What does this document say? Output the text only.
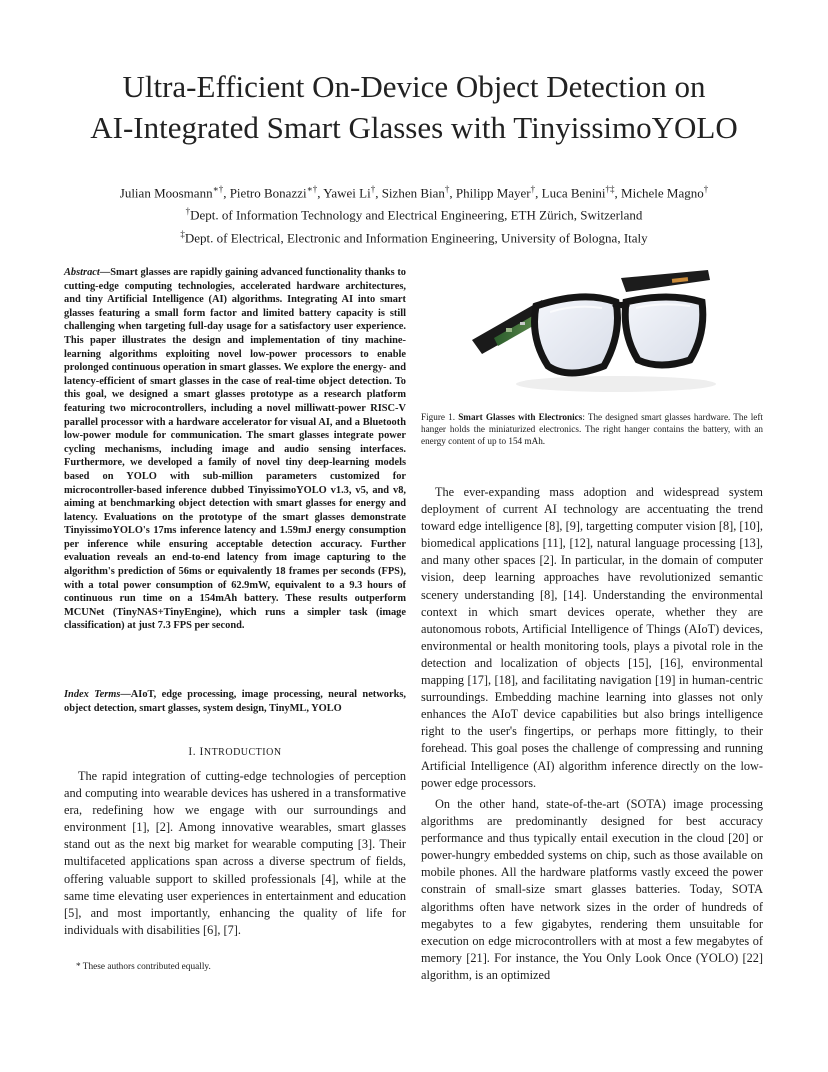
Ultra-Efficient On-Device Object Detection on
AI-Integrated Smart Glasses with TinyissimoYOLO
Julian Moosmann∗†, Pietro Bonazzi∗†, Yawei Li†, Sizhen Bian†, Philipp Mayer†, Luca Benini†‡, Michele Magno†
†Dept. of Information Technology and Electrical Engineering, ETH Zürich, Switzerland
‡Dept. of Electrical, Electronic and Information Engineering, University of Bologna, Italy
Abstract—Smart glasses are rapidly gaining advanced functionality thanks to cutting-edge computing technologies, accelerated hardware architectures, and tiny Artificial Intelligence (AI) algorithms. Integrating AI into smart glasses featuring a small form factor and limited battery capacity is still challenging when targeting full-day usage for a satisfactory user experience. This paper illustrates the design and implementation of tiny machine-learning algorithms exploiting novel low-power processors to enable prolonged continuous operation in smart glasses. We explore the energy- and latency-efficient of smart glasses in the case of real-time object detection. To this goal, we designed a smart glasses prototype as a research platform featuring two microcontrollers, including a novel milliwatt-power RISC-V parallel processor with a hardware accelerator for visual AI, and a Bluetooth low-power module for communication. The smart glasses integrate power cycling mechanisms, including image and audio sensing interfaces. Furthermore, we developed a family of novel tiny deep-learning models based on YOLO with sub-million parameters customized for microcontroller-based inference dubbed TinyissimoYOLO v1.3, v5, and v8, aiming at benchmarking object detection with smart glasses for energy and latency. Evaluations on the prototype of the smart glasses demonstrate TinyissimoYOLO's 17ms inference latency and 1.59mJ energy consumption per inference while ensuring acceptable detection accuracy. Further evaluation reveals an end-to-end latency from image capturing to the algorithm's prediction of 56ms or equivalently 18 frames per seconds (FPS), with a total power consumption of 62.9mW, equivalent to a 9.3 hours of continuous run time on a 154mAh battery. These results outperform MCUNet (TinyNAS+TinyEngine), which runs a simpler task (image classification) at just 7.3 FPS per second.
Index Terms—AIoT, edge processing, image processing, neural networks, object detection, smart glasses, system design, TinyML, YOLO
I. INTRODUCTION
The rapid integration of cutting-edge technologies of perception and computing into wearable devices has ushered in a transformative era, redefining how we engage with our surroundings and environment [1], [2]. Among innovative wearables, smart glasses stand out as the next big market for wearable computing [3]. Their multifaceted applications span across a diverse spectrum of fields, offering valuable support to skilled professionals [4], while at the same time elevating user experiences in entertainment and education [5], and most importantly, enhancing the quality of life for individuals with disabilities [6], [7].
* These authors contributed equally.
Figure 1. Smart Glasses with Electronics: The designed smart glasses hardware. The left hanger holds the miniaturized electronics. The right hanger contains the battery, with an energy content of up to 154 mAh.
The ever-expanding mass adoption and widespread system deployment of current AI technology are accentuating the trend toward edge intelligence [8], [9], targetting computer vision [8], [10], biomedical applications [11], [12], natural language processing [13], and many other spaces [2]. In particular, in the domain of computer vision, deep learning approaches have revolutionized semantic scenery understanding [8], [14]. Understanding the environmental context in which smart devices operate, whether they are autonomous robots, Artificial Intelligence of Things (AIoT) devices, environmental or health monitoring tools, plays a pivotal role in the detection and localization of objects [15], [16], environmental mapping [17], [18], and facilitating navigation [19] in human-centric surroundings. Embedding machine learning into glasses not only enhances the AIoT device capabilities but also brings intelligence right to the user's fingertips, or perhaps more fittingly, to their forehead. This goal poses the challenge of compressing and running Artificial Intelligence (AI) algorithm inference directly on the low-power edge processors.
On the other hand, state-of-the-art (SOTA) image processing algorithms are predominantly designed for best accuracy performance and thus typically entail execution in the cloud [20] or power-hungry embedded systems on chip, such as those available on mobile phones. All the hardware platforms vastly exceed the power constrain of small-size smart glasses batteries. Today, SOTA algorithms often have network sizes in the order of hundreds of megabytes to a few gigabytes, rendering them unsuitable for execution on edge microcontrollers with at most a few megabytes of memory [21]. For instance, the You Only Look Once (YOLO) [22] algorithm, is an optimized
